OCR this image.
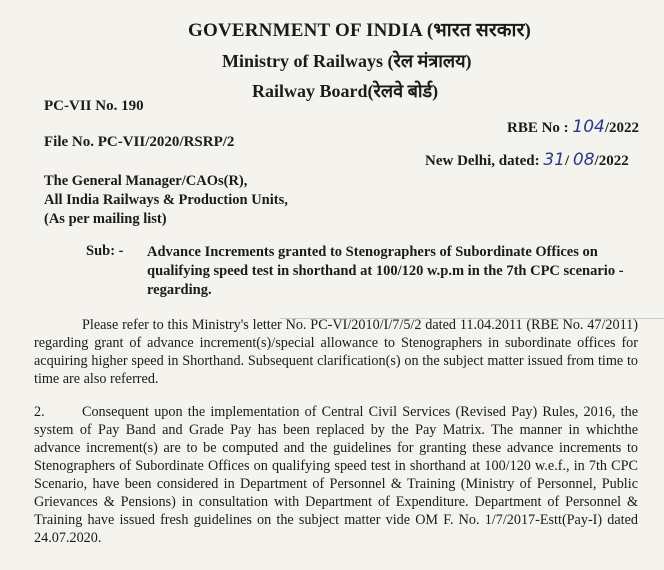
GOVERNMENT OF INDIA (भारत सरकार)
Ministry of Railways (रेल मंत्रालय)
Railway Board(रेलवे बोर्ड)
PC-VII No. 190
RBE No : 104/2022
File No. PC-VII/2020/RSRP/2
New Delhi, dated: 31/ 08/2022
The General Manager/CAOs(R),
All India Railways & Production Units,
(As per mailing list)
Sub: - Advance Increments granted to Stenographers of Subordinate Offices on qualifying speed test in shorthand at 100/120 w.p.m in the 7th CPC scenario - regarding.
Please refer to this Ministry's letter No. PC-VI/2010/I/7/5/2 dated 11.04.2011 (RBE No. 47/2011) regarding grant of advance increment(s)/special allowance to Stenographers in subordinate offices for acquiring higher speed in Shorthand. Subsequent clarification(s) on the subject matter issued from time to time are also referred.
2.	Consequent upon the implementation of Central Civil Services (Revised Pay) Rules, 2016, the system of Pay Band and Grade Pay has been replaced by the Pay Matrix. The manner in whichthe advance increment(s) are to be computed and the guidelines for granting these advance increments to Stenographers of Subordinate Offices on qualifying speed test in shorthand at 100/120 w.e.f., in 7th CPC Scenario, have been considered in Department of Personnel & Training (Ministry of Personnel, Public Grievances & Pensions) in consultation with Department of Expenditure. Department of Personnel & Training have issued fresh guidelines on the subject matter vide OM F. No. 1/7/2017-Estt(Pay-I) dated 24.07.2020.
